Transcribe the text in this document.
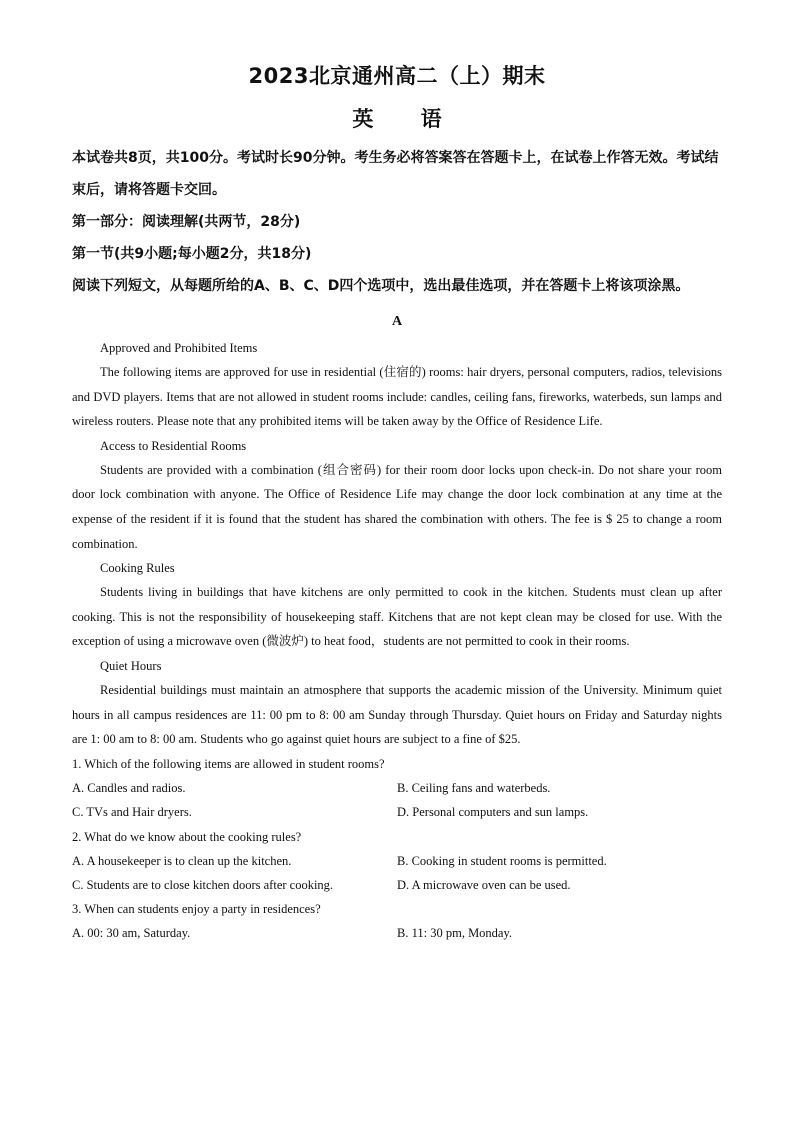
2023北京通州高二（上）期末
英 语

本试卷共8页，共100分。考试时长90分钟。考生务必将答案答在答题卡上，在试卷上作答无效。考试结束后，请将答题卡交回。

第一部分：阅读理解(共两节，28分)

第一节(共9小题;每小题2分，共18分)

阅读下列短文，从每题所给的A、B、C、D四个选项中，选出最佳选项，并在答题卡上将该项涂黑。

A

Approved and Prohibited Items

The following items are approved for use in residential (住宿的) rooms: hair dryers, personal computers, radios, televisions and DVD players. Items that are not allowed in student rooms include: candles, ceiling fans, fireworks, waterbeds, sun lamps and wireless routers. Please note that any prohibited items will be taken away by the Office of Residence Life.

Access to Residential Rooms

Students are provided with a combination (组合密码) for their room door locks upon check-in. Do not share your room door lock combination with anyone. The Office of Residence Life may change the door lock combination at any time at the expense of the resident if it is found that the student has shared the combination with others. The fee is $ 25 to change a room combination.

Cooking Rules

Students living in buildings that have kitchens are only permitted to cook in the kitchen. Students must clean up after cooking. This is not the responsibility of housekeeping staff. Kitchens that are not kept clean may be closed for use. With the exception of using a microwave oven (微波炉) to heat food，students are not permitted to cook in their rooms.

Quiet Hours

Residential buildings must maintain an atmosphere that supports the academic mission of the University. Minimum quiet hours in all campus residences are 11: 00 pm to 8: 00 am Sunday through Thursday. Quiet hours on Friday and Saturday nights are 1: 00 am to 8: 00 am. Students who go against quiet hours are subject to a fine of $25.

1. Which of the following items are allowed in student rooms?

A. Candles and radios.	B. Ceiling fans and waterbeds.
C. TVs and Hair dryers.	D. Personal computers and sun lamps.

2. What do we know about the cooking rules?

A. A housekeeper is to clean up the kitchen.	B. Cooking in student rooms is permitted.
C. Students are to close kitchen doors after cooking.	D. A microwave oven can be used.

3. When can students enjoy a party in residences?

A. 00: 30 am, Saturday.	B. 11: 30 pm, Monday.
